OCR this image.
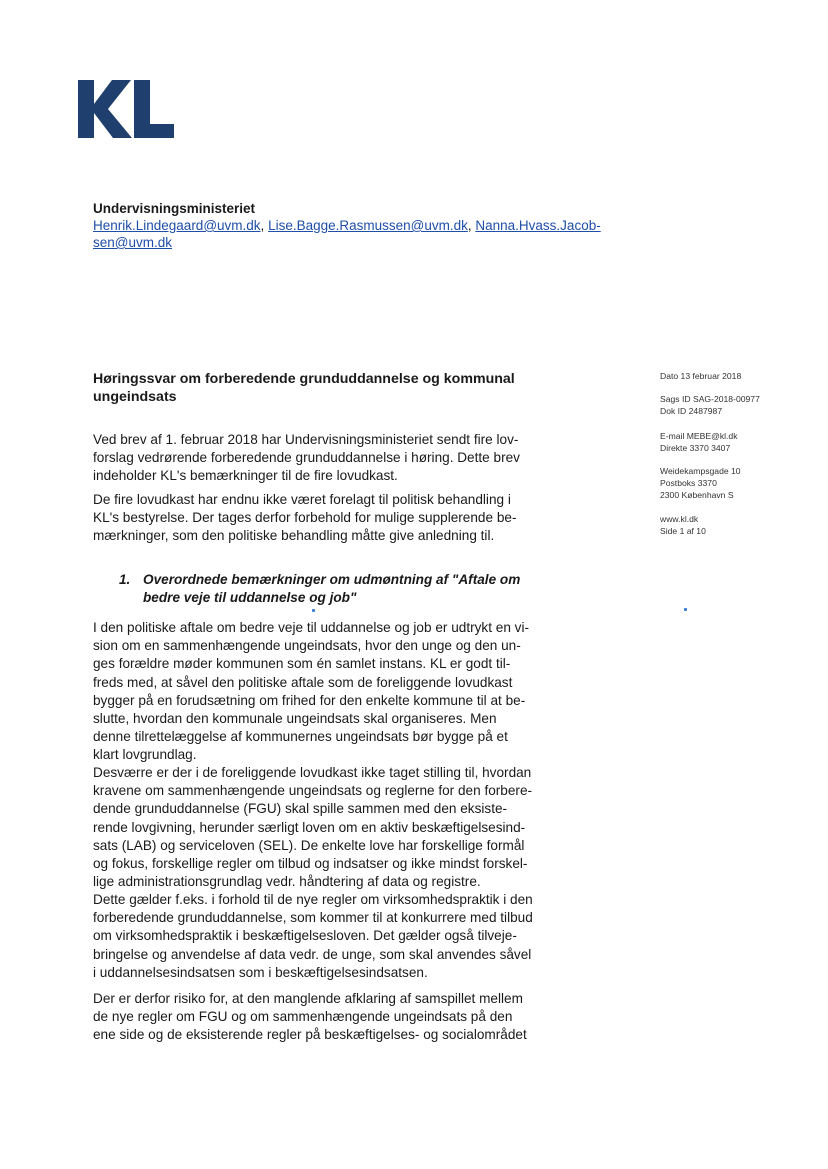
Undervisningsministeriet
Henrik.Lindegaard@uvm.dk, Lise.Bagge.Rasmussen@uvm.dk, Nanna.Hvass.Jacob-
sen@uvm.dk
Høringssvar om forberedende grunduddannelse og kommunal
ungeindsats
Dato 13 februar 2018
Sags ID SAG-2018-00977
Dok ID 2487987
E-mail MEBE@kl.dk
Direkte 3370 3407
Weidekampsgade 10
Postboks 3370
2300 København S
www.kl.dk
Side 1 af 10
Ved brev af 1. februar 2018 har Undervisningsministeriet sendt fire lov-
forslag vedrørende forberedende grunduddannelse i høring. Dette brev
indeholder KL's bemærkninger til de fire lovudkast.
De fire lovudkast har endnu ikke været forelagt til politisk behandling i
KL's bestyrelse. Der tages derfor forbehold for mulige supplerende be-
mærkninger, som den politiske behandling måtte give anledning til.
1. Overordnede bemærkninger om udmøntning af "Aftale om
bedre veje til uddannelse og job"
I den politiske aftale om bedre veje til uddannelse og job er udtrykt en vi-
sion om en sammenhængende ungeindsats, hvor den unge og den un-
ges forældre møder kommunen som én samlet instans. KL er godt til-
freds med, at såvel den politiske aftale som de foreliggende lovudkast
bygger på en forudsætning om frihed for den enkelte kommune til at be-
slutte, hvordan den kommunale ungeindsats skal organiseres. Men
denne tilrettelæggelse af kommunernes ungeindsats bør bygge på et
klart lovgrundlag.
Desværre er der i de foreliggende lovudkast ikke taget stilling til, hvordan
kravene om sammenhængende ungeindsats og reglerne for den forbere-
dende grunduddannelse (FGU) skal spille sammen med den eksiste-
rende lovgivning, herunder særligt loven om en aktiv beskæftigelsesind-
sats (LAB) og serviceloven (SEL). De enkelte love har forskellige formål
og fokus, forskellige regler om tilbud og indsatser og ikke mindst forskel-
lige administrationsgrundlag vedr. håndtering af data og registre.
Dette gælder f.eks. i forhold til de nye regler om virksomhedspraktik i den
forberedende grunduddannelse, som kommer til at konkurrere med tilbud
om virksomhedspraktik i beskæftigelsesloven. Det gælder også tilveje-
bringelse og anvendelse af data vedr. de unge, som skal anvendes såvel
i uddannelsesindsatsen som i beskæftigelsesindsatsen.
Der er derfor risiko for, at den manglende afklaring af samspillet mellem
de nye regler om FGU og om sammenhængende ungeindsats på den
ene side og de eksisterende regler på beskæftigelses- og socialområdet
